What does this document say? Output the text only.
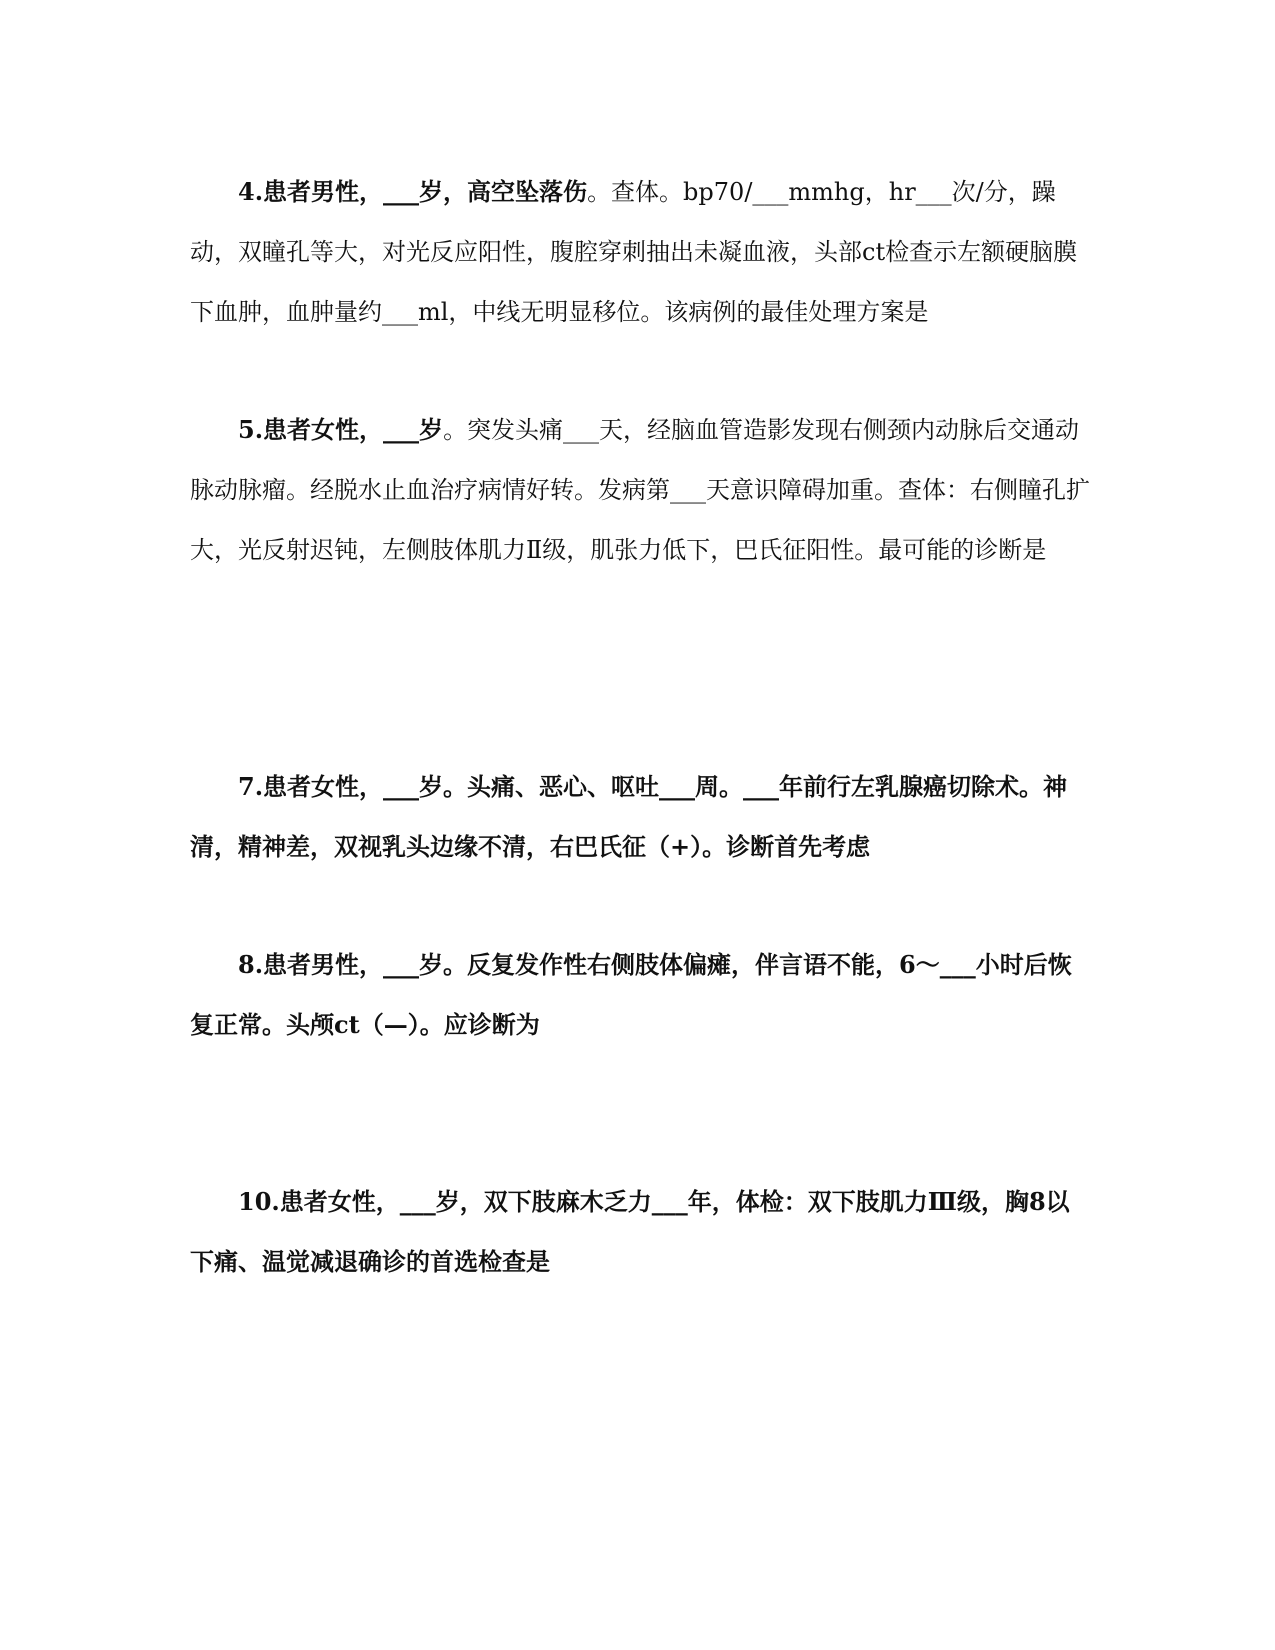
4.患者男性，___岁，高空坠落伤。查体。bp70/___mmhg，hr___次/分，躁动，双瞳孔等大，对光反应阳性，腹腔穿刺抽出未凝血液，头部ct检查示左额硬脑膜下血肿，血肿量约___ml，中线无明显移位。该病例的最佳处理方案是

5.患者女性，___岁。突发头痛___天，经脑血管造影发现右侧颈内动脉后交通动脉动脉瘤。经脱水止血治疗病情好转。发病第___天意识障碍加重。查体：右侧瞳孔扩大，光反射迟钝，左侧肢体肌力Ⅱ级，肌张力低下，巴氏征阳性。最可能的诊断是

7.患者女性，___岁。头痛、恶心、呕吐___周。___年前行左乳腺癌切除术。神清，精神差，双视乳头边缘不清，右巴氏征（+）。诊断首先考虑

8.患者男性，___岁。反复发作性右侧肢体偏瘫，伴言语不能，6～___小时后恢复正常。头颅ct（—）。应诊断为

10.患者女性，___岁，双下肢麻木乏力___年，体检：双下肢肌力Ⅲ级，胸8以下痛、温觉减退确诊的首选检查是
